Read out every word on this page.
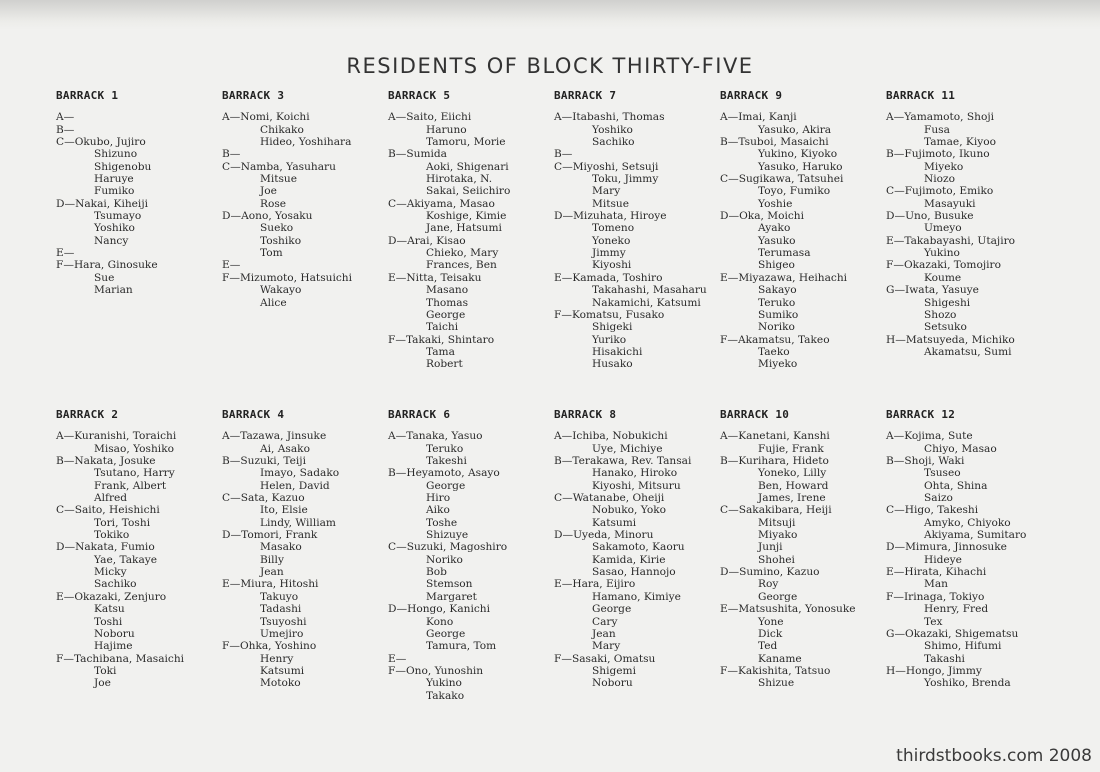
RESIDENTS OF BLOCK THIRTY-FIVE
BARRACK 1
A—
B—
C—Okubo, Jujiro
Shizuno
Shigenobu
Haruye
Fumiko
D—Nakai, Kiheiji
Tsumayo
Yoshiko
Nancy
E—
F—Hara, Ginosuke
Sue
Marian
BARRACK 3
A—Nomi, Koichi
Chikako
Hideo, Yoshihara
B—
C—Namba, Yasuharu
Mitsue
Joe
Rose
D—Aono, Yosaku
Sueko
Toshiko
Tom
E—
F—Mizumoto, Hatsuichi
Wakayo
Alice
BARRACK 5
A—Saito, Eiichi
Haruno
Tamoru, Morie
B—Sumida
Aoki, Shigenari
Hirotaka, N.
Sakai, Seiichiro
C—Akiyama, Masao
Koshige, Kimie
Jane, Hatsumi
D—Arai, Kisao
Chieko, Mary
Frances, Ben
E—Nitta, Teisaku
Masano
Thomas
George
Taichi
F—Takaki, Shintaro
Tama
Robert
BARRACK 7
A—Itabashi, Thomas
Yoshiko
Sachiko
B—
C—Miyoshi, Setsuji
Toku, Jimmy
Mary
Mitsue
D—Mizuhata, Hiroye
Tomeno
Yoneko
Jimmy
Kiyoshi
E—Kamada, Toshiro
Takahashi, Masaharu
Nakamichi, Katsumi
F—Komatsu, Fusako
Shigeki
Yuriko
Hisakichi
Husako
BARRACK 9
A—Imai, Kanji
Yasuko, Akira
B—Tsuboi, Masaichi
Yukino, Kiyoko
Yasuko, Haruko
C—Sugikawa, Tatsuhei
Toyo, Fumiko
Yoshie
D—Oka, Moichi
Ayako
Yasuko
Terumasa
Shigeo
E—Miyazawa, Heihachi
Sakayo
Teruko
Sumiko
Noriko
F—Akamatsu, Takeo
Taeko
Miyeko
BARRACK 11
A—Yamamoto, Shoji
Fusa
Tamae, Kiyoo
B—Fujimoto, Ikuno
Miyeko
Niozo
C—Fujimoto, Emiko
Masayuki
D—Uno, Busuke
Umeyo
E—Takabayashi, Utajiro
Yukino
F—Okazaki, Tomojiro
Koume
G—Iwata, Yasuye
Shigeshi
Shozo
Setsuko
H—Matsuyeda, Michiko
Akamatsu, Sumi
BARRACK 2
A—Kuranishi, Toraichi
Misao, Yoshiko
B—Nakata, Josuke
Tsutano, Harry
Frank, Albert
Alfred
C—Saito, Heishichi
Tori, Toshi
Tokiko
D—Nakata, Fumio
Yae, Takaye
Micky
Sachiko
E—Okazaki, Zenjuro
Katsu
Toshi
Noboru
Hajime
F—Tachibana, Masaichi
Toki
Joe
BARRACK 4
A—Tazawa, Jinsuke
Ai, Asako
B—Suzuki, Teiji
Imayo, Sadako
Helen, David
C—Sata, Kazuo
Ito, Elsie
Lindy, William
D—Tomori, Frank
Masako
Billy
Jean
E—Miura, Hitoshi
Takuyo
Tadashi
Tsuyoshi
Umejiro
F—Ohka, Yoshino
Henry
Katsumi
Motoko
BARRACK 6
A—Tanaka, Yasuo
Teruko
Takeshi
B—Heyamoto, Asayo
George
Hiro
Aiko
Toshe
Shizuye
C—Suzuki, Magoshiro
Noriko
Bob
Stemson
Margaret
D—Hongo, Kanichi
Kono
George
Tamura, Tom
E—
F—Ono, Yunoshin
Yukino
Takako
BARRACK 8
A—Ichiba, Nobukichi
Uye, Michiye
B—Terakawa, Rev. Tansai
Hanako, Hiroko
Kiyoshi, Mitsuru
C—Watanabe, Oheiji
Nobuko, Yoko
Katsumi
D—Uyeda, Minoru
Sakamoto, Kaoru
Kamida, Kirie
Sasao, Hannojo
E—Hara, Eijiro
Hamano, Kimiye
George
Cary
Jean
Mary
F—Sasaki, Omatsu
Shigemi
Noboru
BARRACK 10
A—Kanetani, Kanshi
Fujie, Frank
B—Kurihara, Hideto
Yoneko, Lilly
Ben, Howard
James, Irene
C—Sakakibara, Heiji
Mitsuji
Miyako
Junji
Shohei
D—Sumino, Kazuo
Roy
George
E—Matsushita, Yonosuke
Yone
Dick
Ted
Kaname
F—Kakishita, Tatsuo
Shizue
BARRACK 12
A—Kojima, Sute
Chiyo, Masao
B—Shoji, Waki
Tsuseo
Ohta, Shina
Saizo
C—Higo, Takeshi
Amyko, Chiyoko
Akiyama, Sumitaro
D—Mimura, Jinnosuke
Hideye
E—Hirata, Kihachi
Man
F—Irinaga, Tokiyo
Henry, Fred
Tex
G—Okazaki, Shigematsu
Shimo, Hifumi
Takashi
H—Hongo, Jimmy
Yoshiko, Brenda
thirdstbooks.com 2008
